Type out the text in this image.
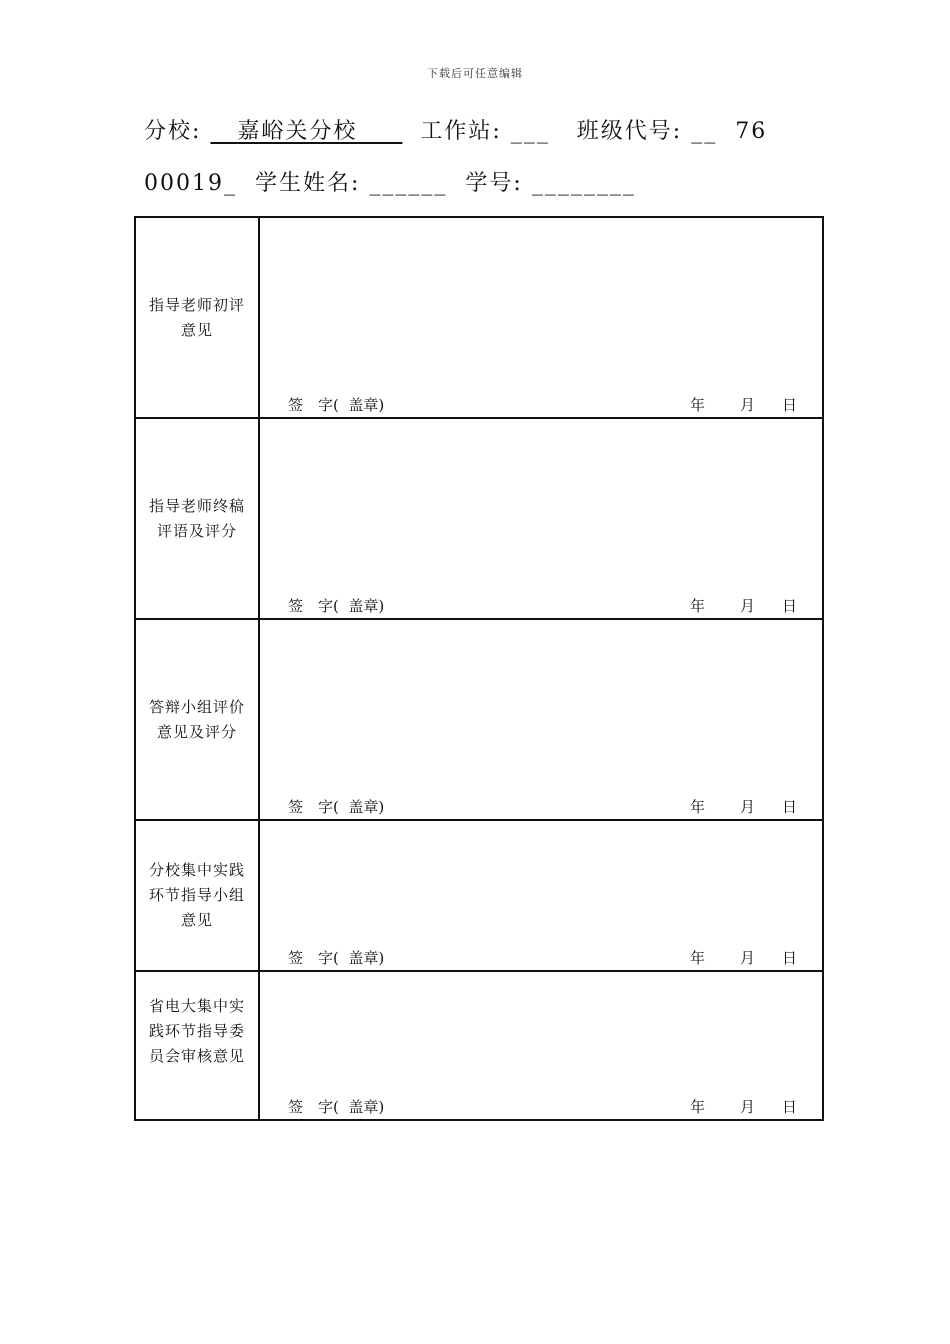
下载后可任意编辑
分校: 嘉峪关分校	工作站: ___ 班级代号: __ 76
00019_ 学生姓名: ______ 学号: ________
指导老师初评意见
签　字(  盖章)	年 月 日
指导老师终稿评语及评分
签　字(  盖章)	年 月 日
答辩小组评价意见及评分
签　字(  盖章)	年 月 日
分校集中实践环节指导小组意见
签　字(  盖章)	年 月 日
省电大集中实践环节指导委员会审核意见
签　字(  盖章)	年 月 日
